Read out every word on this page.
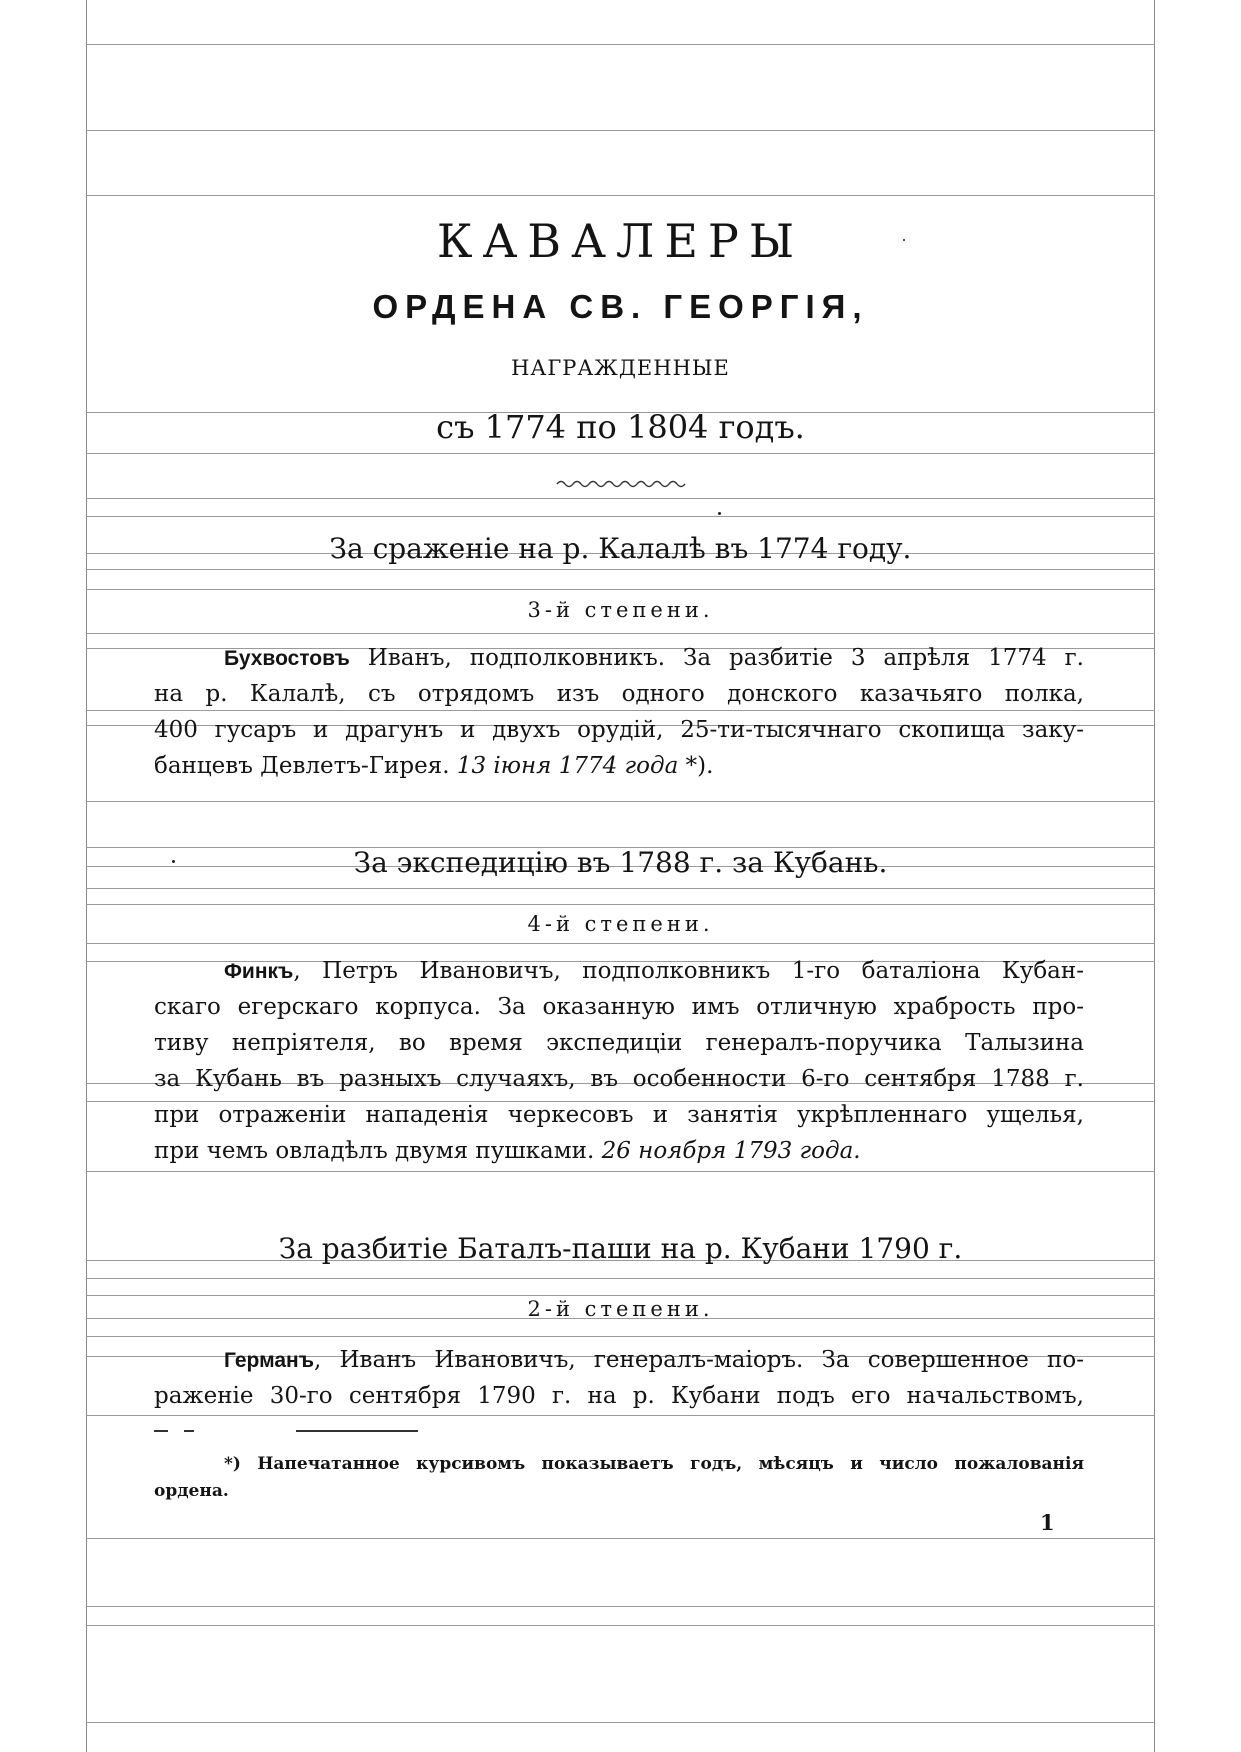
КАВАЛЕРЫ
ОРДЕНА СВ. ГЕОРГІЯ,
НАГРАЖДЕННЫЕ
съ 1774 по 1804 годъ.
За сраженіе на р. Калалѣ въ 1774 году.
3-й степени.
Бухвостовъ Иванъ, подполковникъ. За разбитіе 3 апрѣля 1774 г.
на р. Калалѣ, съ отрядомъ изъ одного донского казачьяго полка,
400 гусаръ и драгунъ и двухъ орудій, 25-ти-тысячнаго скопища заку-
банцевъ Девлетъ-Гирея. 13 іюня 1774 года *).
За экспедицію въ 1788 г. за Кубань.
4-й степени.
Финкъ, Петръ Ивановичъ, подполковникъ 1-го баталіона Кубан-
скаго егерскаго корпуса. За оказанную имъ отличную храбрость про-
тиву непріятеля, во время экспедиціи генералъ-поручика Талызина
за Кубань въ разныхъ случаяхъ, въ особенности 6-го сентября 1788 г.
при отраженіи нападенія черкесовъ и занятія укрѣпленнаго ущелья,
при чемъ овладѣлъ двумя пушками. 26 ноября 1793 года.
За разбитіе Баталъ-паши на р. Кубани 1790 г.
2-й степени.
Германъ, Иванъ Ивановичъ, генералъ-маіоръ. За совершенное по-
раженіе 30-го сентября 1790 г. на р. Кубани подъ его начальствомъ,
*) Напечатанное курсивомъ показываетъ годъ, мѣсяцъ и число пожалованія
ордена.
1
